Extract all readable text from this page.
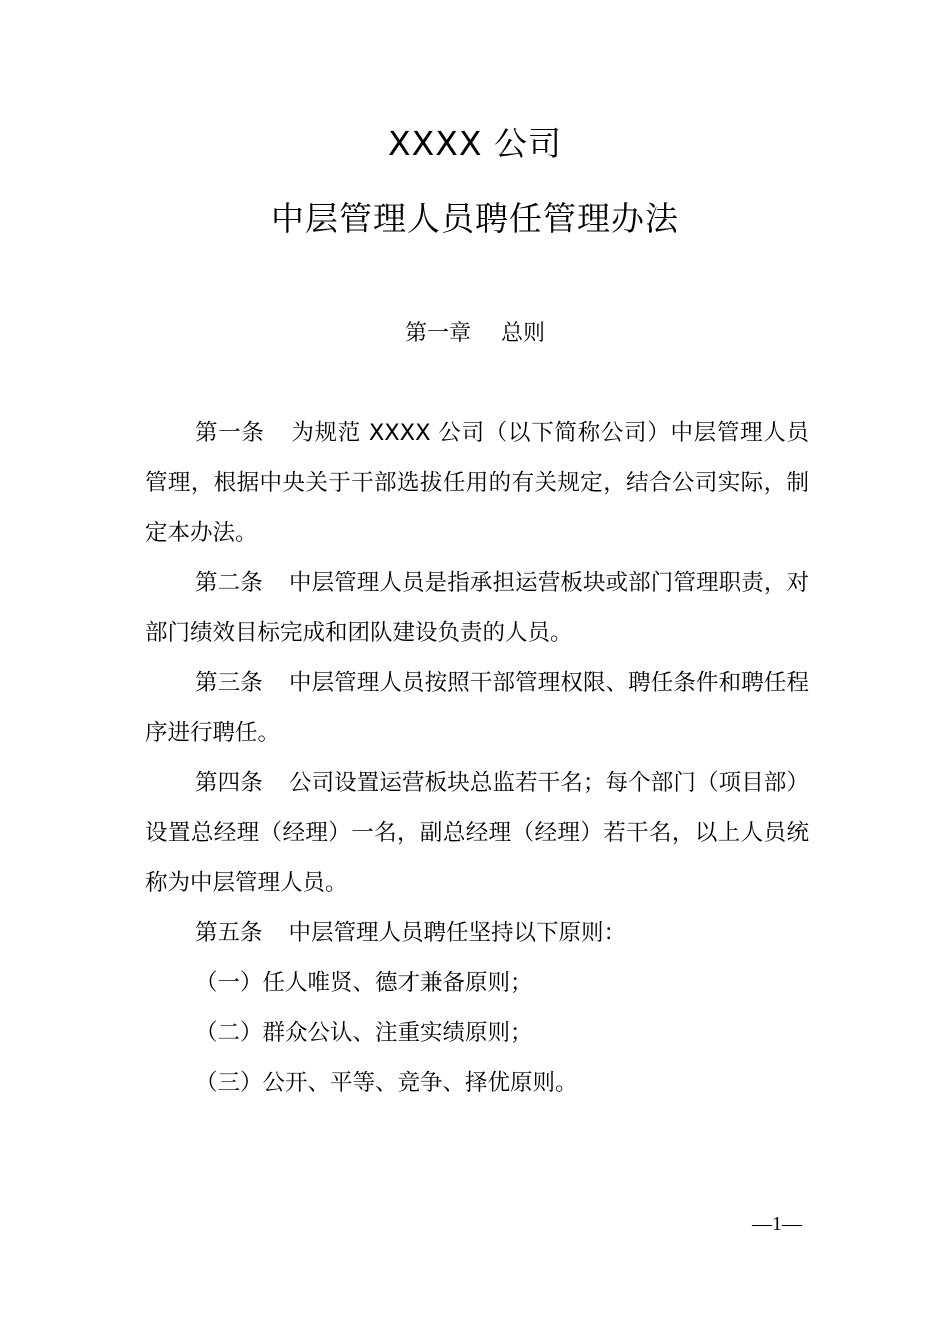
XXXX 公司
中层管理人员聘任管理办法
第一章 总则

第一条 为规范 XXXX 公司（以下简称公司）中层管理人员管理，根据中央关于干部选拔任用的有关规定，结合公司实际，制定本办法。

第二条 中层管理人员是指承担运营板块或部门管理职责，对部门绩效目标完成和团队建设负责的人员。

第三条 中层管理人员按照干部管理权限、聘任条件和聘任程序进行聘任。

第四条 公司设置运营板块总监若干名；每个部门（项目部）设置总经理（经理）一名，副总经理（经理）若干名，以上人员统称为中层管理人员。

第五条 中层管理人员聘任坚持以下原则：

（一）任人唯贤、德才兼备原则；

（二）群众公认、注重实绩原则；

（三）公开、平等、竞争、择优原则。

—1—
